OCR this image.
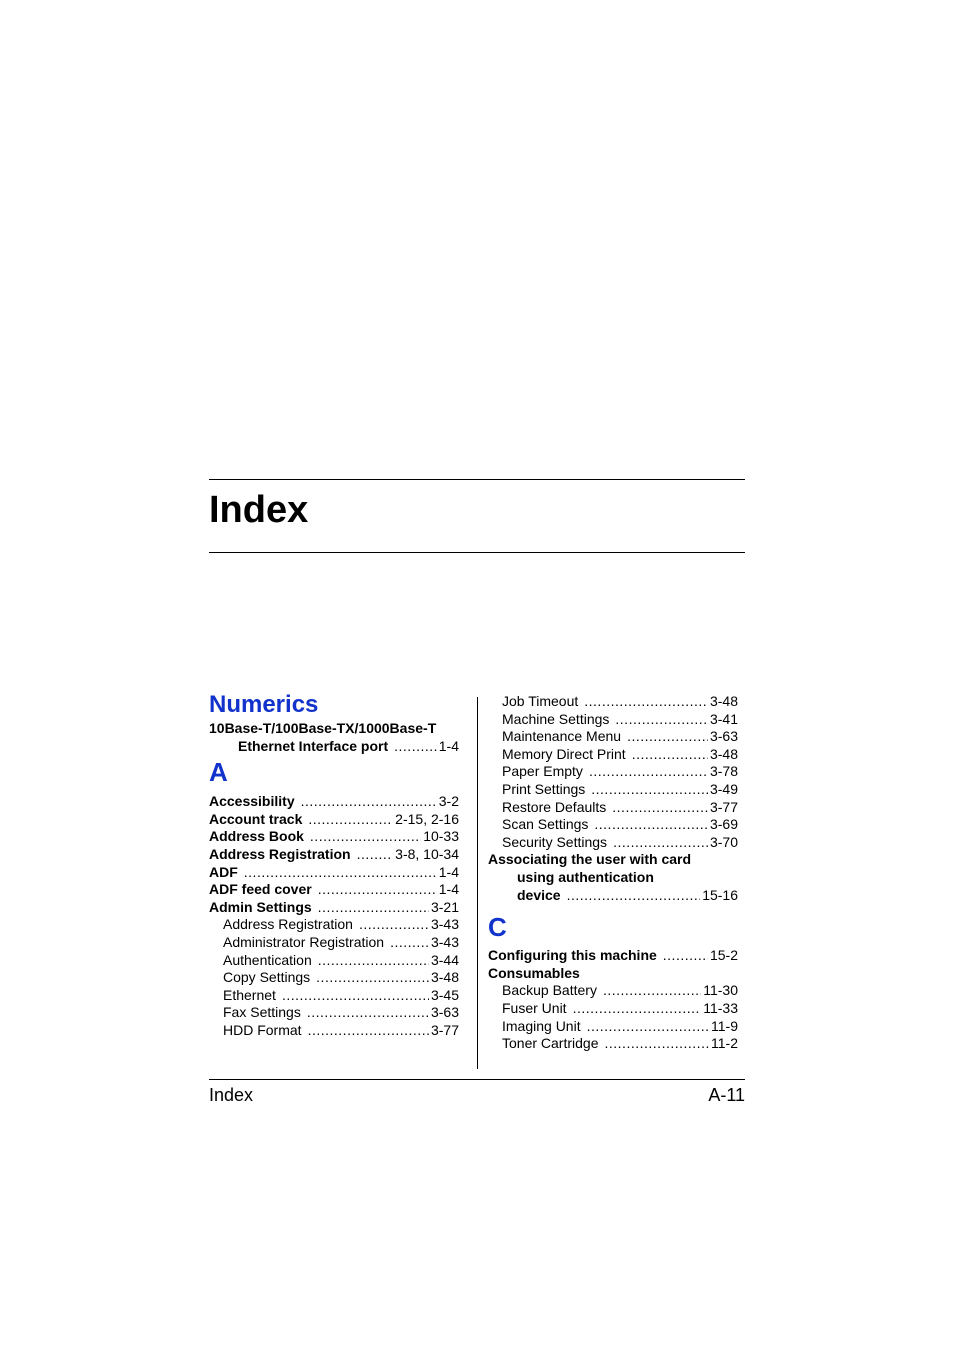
Index
Numerics
10Base-T/100Base-TX/1000Base-T
Ethernet Interface port .....	1-4
A
Accessibility .....	3-2
Account track .....	2-15, 2-16
Address Book .....	10-33
Address Registration .....	3-8, 10-34
ADF .....	1-4
ADF feed cover .....	1-4
Admin Settings .....	3-21
Address Registration .....	3-43
Administrator Registration .....	3-43
Authentication .....	3-44
Copy Settings .....	3-48
Ethernet .....	3-45
Fax Settings .....	3-63
HDD Format .....	3-77
Job Timeout .....	3-48
Machine Settings .....	3-41
Maintenance Menu .....	3-63
Memory Direct Print .....	3-48
Paper Empty .....	3-78
Print Settings .....	3-49
Restore Defaults .....	3-77
Scan Settings .....	3-69
Security Settings .....	3-70
Associating the user with card
using authentication
device .....	15-16
C
Configuring this machine .....	15-2
Consumables
Backup Battery .....	11-30
Fuser Unit .....	11-33
Imaging Unit .....	11-9
Toner Cartridge .....	11-2
Index	A-11
